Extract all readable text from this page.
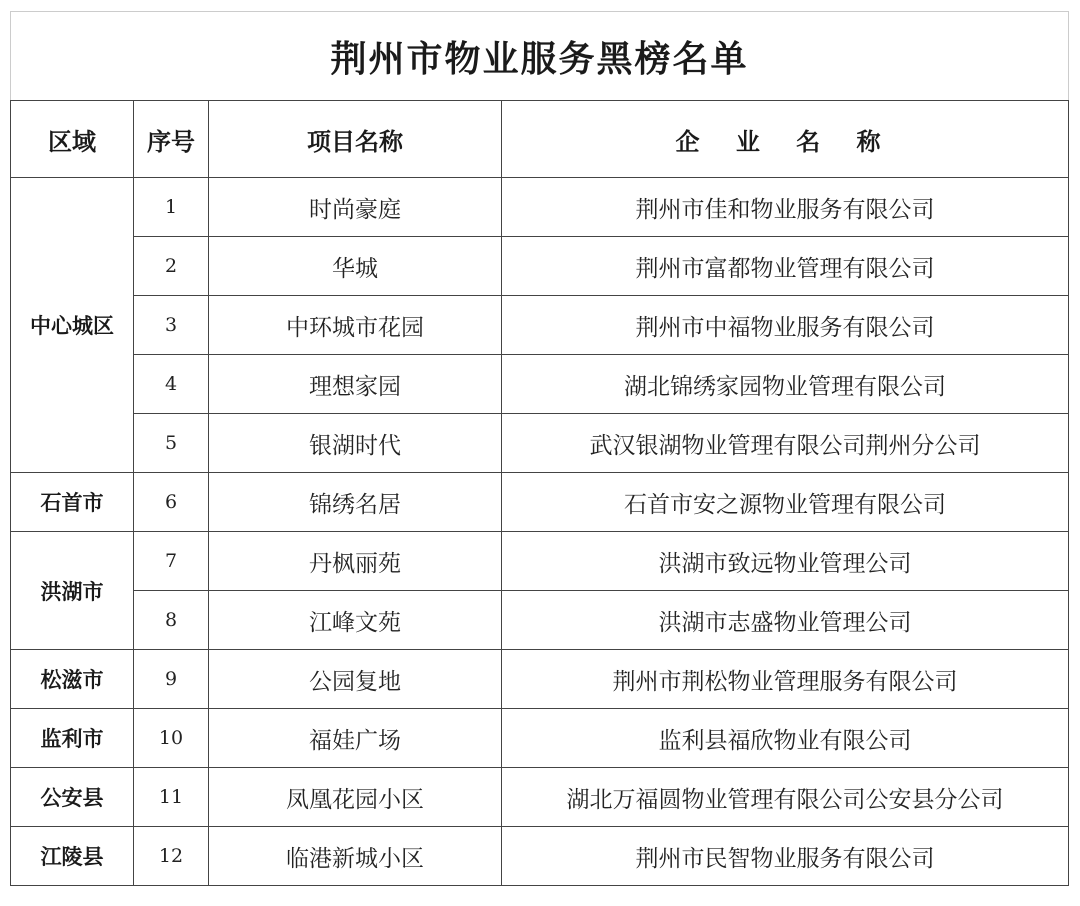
荆州市物业服务黑榜名单			
区域	序号	项目名称	企 业 名 称
中心城区	1	时尚豪庭	荆州市佳和物业服务有限公司
	2	华城	荆州市富都物业管理有限公司
	3	中环城市花园	荆州市中福物业服务有限公司
	4	理想家园	湖北锦绣家园物业管理有限公司
	5	银湖时代	武汉银湖物业管理有限公司荆州分公司
石首市	6	锦绣名居	石首市安之源物业管理有限公司
洪湖市	7	丹枫丽苑	洪湖市致远物业管理公司
	8	江峰文苑	洪湖市志盛物业管理公司
松滋市	9	公园复地	荆州市荆松物业管理服务有限公司
监利市	10	福娃广场	监利县福欣物业有限公司
公安县	11	凤凰花园小区	湖北万福圆物业管理有限公司公安县分公司
江陵县	12	临港新城小区	荆州市民智物业服务有限公司
